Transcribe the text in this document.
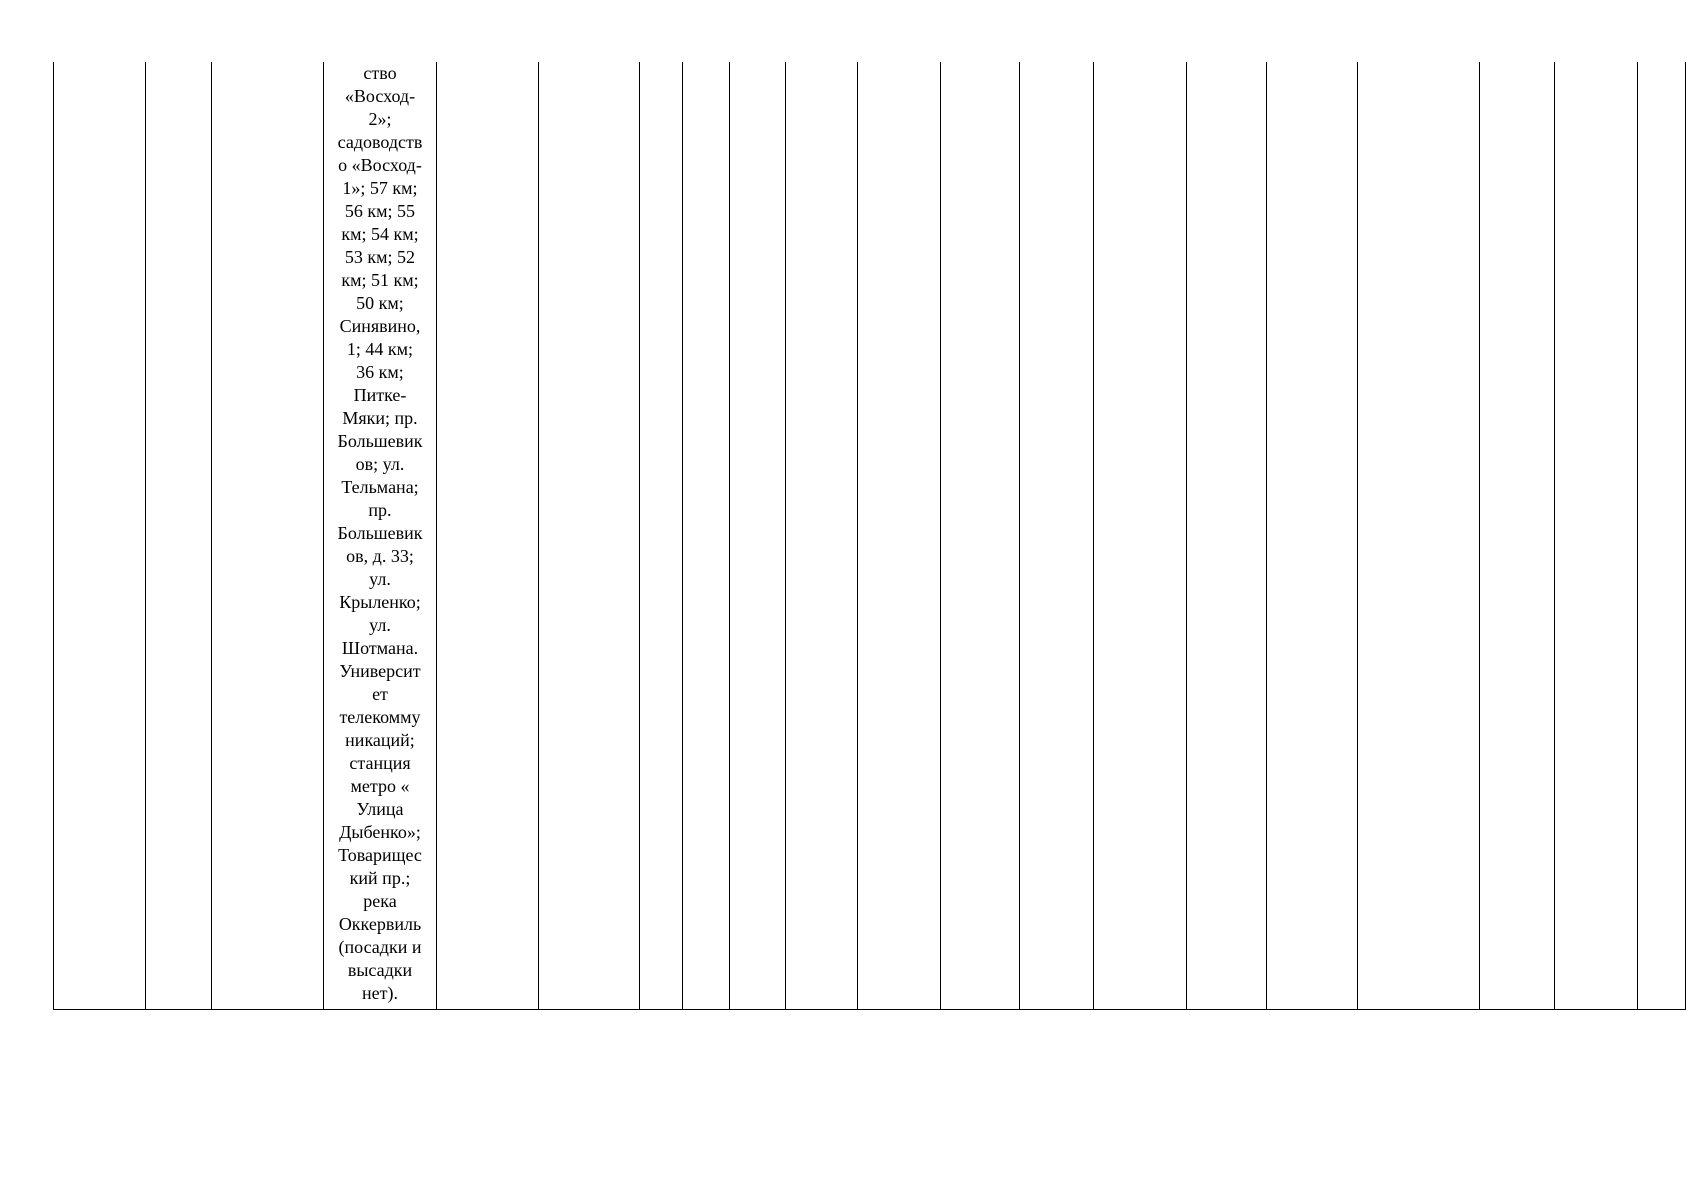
ство
«Восход-
2»;
садоводств
о «Восход-
1»; 57 км;
56 км; 55
км; 54 км;
53 км; 52
км; 51 км;
50 км;
Синявино,
1; 44 км;
36 км;
Питке-
Мяки; пр.
Большевик
ов; ул.
Тельмана;
пр.
Большевик
ов, д. 33;
ул.
Крыленко;
ул.
Шотмана.
Университ
ет
телекомму
никаций;
станция
метро «
Улица
Дыбенко»;
Товарищес
кий пр.;
река
Оккервиль
(посадки и
высадки
нет).
